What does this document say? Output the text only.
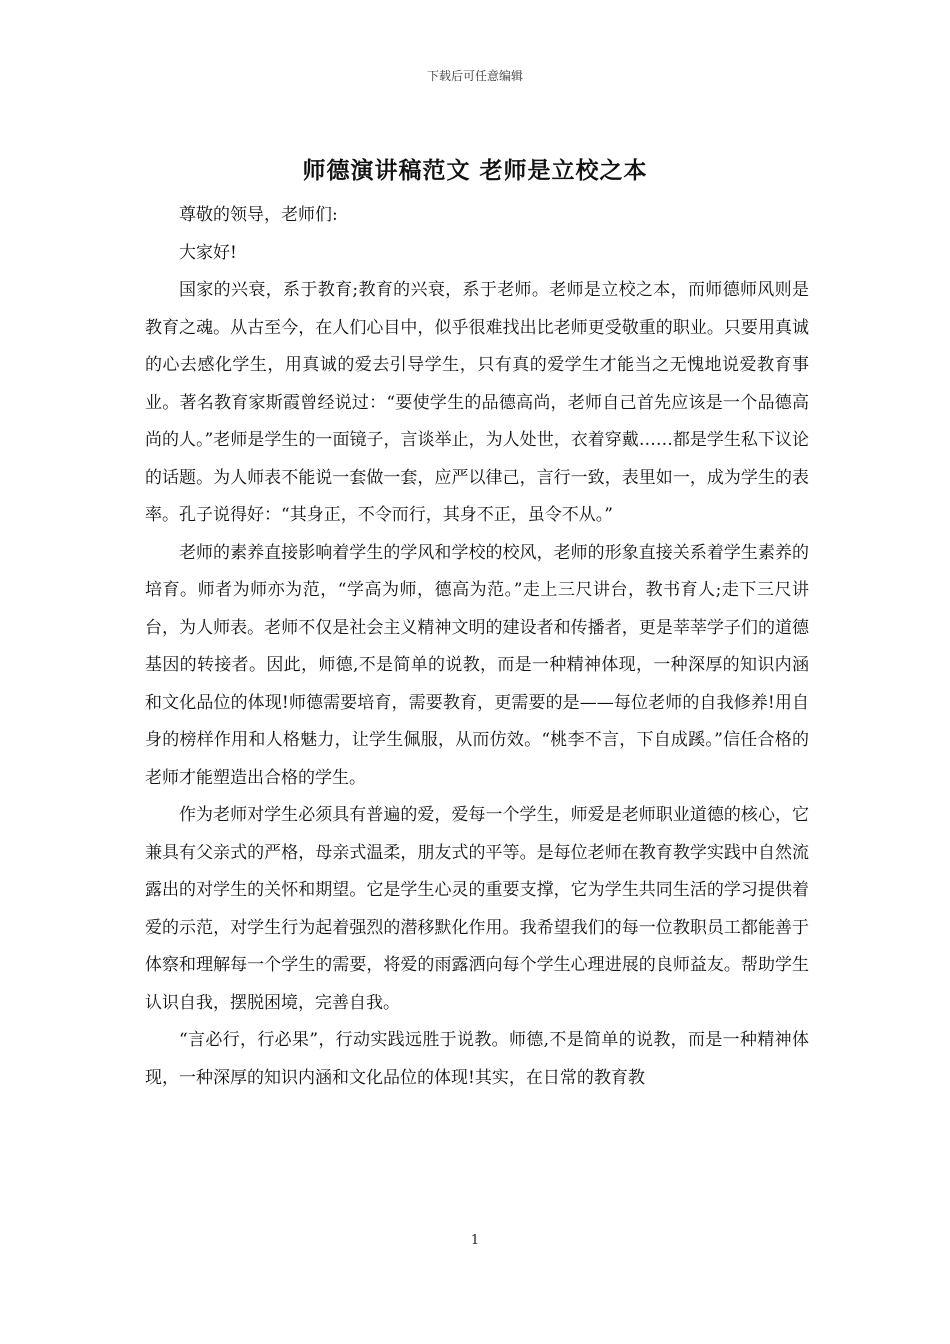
下载后可任意编辑
师德演讲稿范文 老师是立校之本

尊敬的领导，老师们:

大家好!

国家的兴衰，系于教育;教育的兴衰，系于老师。老师是立校之本，而师德师风则是教育之魂。从古至今，在人们心目中，似乎很难找出比老师更受敬重的职业。只要用真诚的心去感化学生，用真诚的爱去引导学生，只有真的爱学生才能当之无愧地说爱教育事业。著名教育家斯霞曾经说过：“要使学生的品德高尚，老师自己首先应该是一个品德高尚的人。”老师是学生的一面镜子，言谈举止，为人处世，衣着穿戴……都是学生私下议论的话题。为人师表不能说一套做一套，应严以律己，言行一致，表里如一，成为学生的表率。孔子说得好：“其身正，不令而行，其身不正，虽令不从。”

老师的素养直接影响着学生的学风和学校的校风，老师的形象直接关系着学生素养的培育。师者为师亦为范，“学高为师，德高为范。”走上三尺讲台，教书育人;走下三尺讲台，为人师表。老师不仅是社会主义精神文明的建设者和传播者，更是莘莘学子们的道德基因的转接者。因此，师德,不是简单的说教，而是一种精神体现，一种深厚的知识内涵和文化品位的体现!师德需要培育，需要教育，更需要的是——每位老师的自我修养!用自身的榜样作用和人格魅力，让学生佩服，从而仿效。“桃李不言，下自成蹊。”信任合格的老师才能塑造出合格的学生。

作为老师对学生必须具有普遍的爱，爱每一个学生，师爱是老师职业道德的核心，它兼具有父亲式的严格，母亲式温柔，朋友式的平等。是每位老师在教育教学实践中自然流露出的对学生的关怀和期望。它是学生心灵的重要支撑，它为学生共同生活的学习提供着爱的示范，对学生行为起着强烈的潜移默化作用。我希望我们的每一位教职员工都能善于体察和理解每一个学生的需要，将爱的雨露洒向每个学生心理进展的良师益友。帮助学生认识自我，摆脱困境，完善自我。

“言必行，行必果”，行动实践远胜于说教。师德,不是简单的说教，而是一种精神体现，一种深厚的知识内涵和文化品位的体现!其实，在日常的教育教

1
